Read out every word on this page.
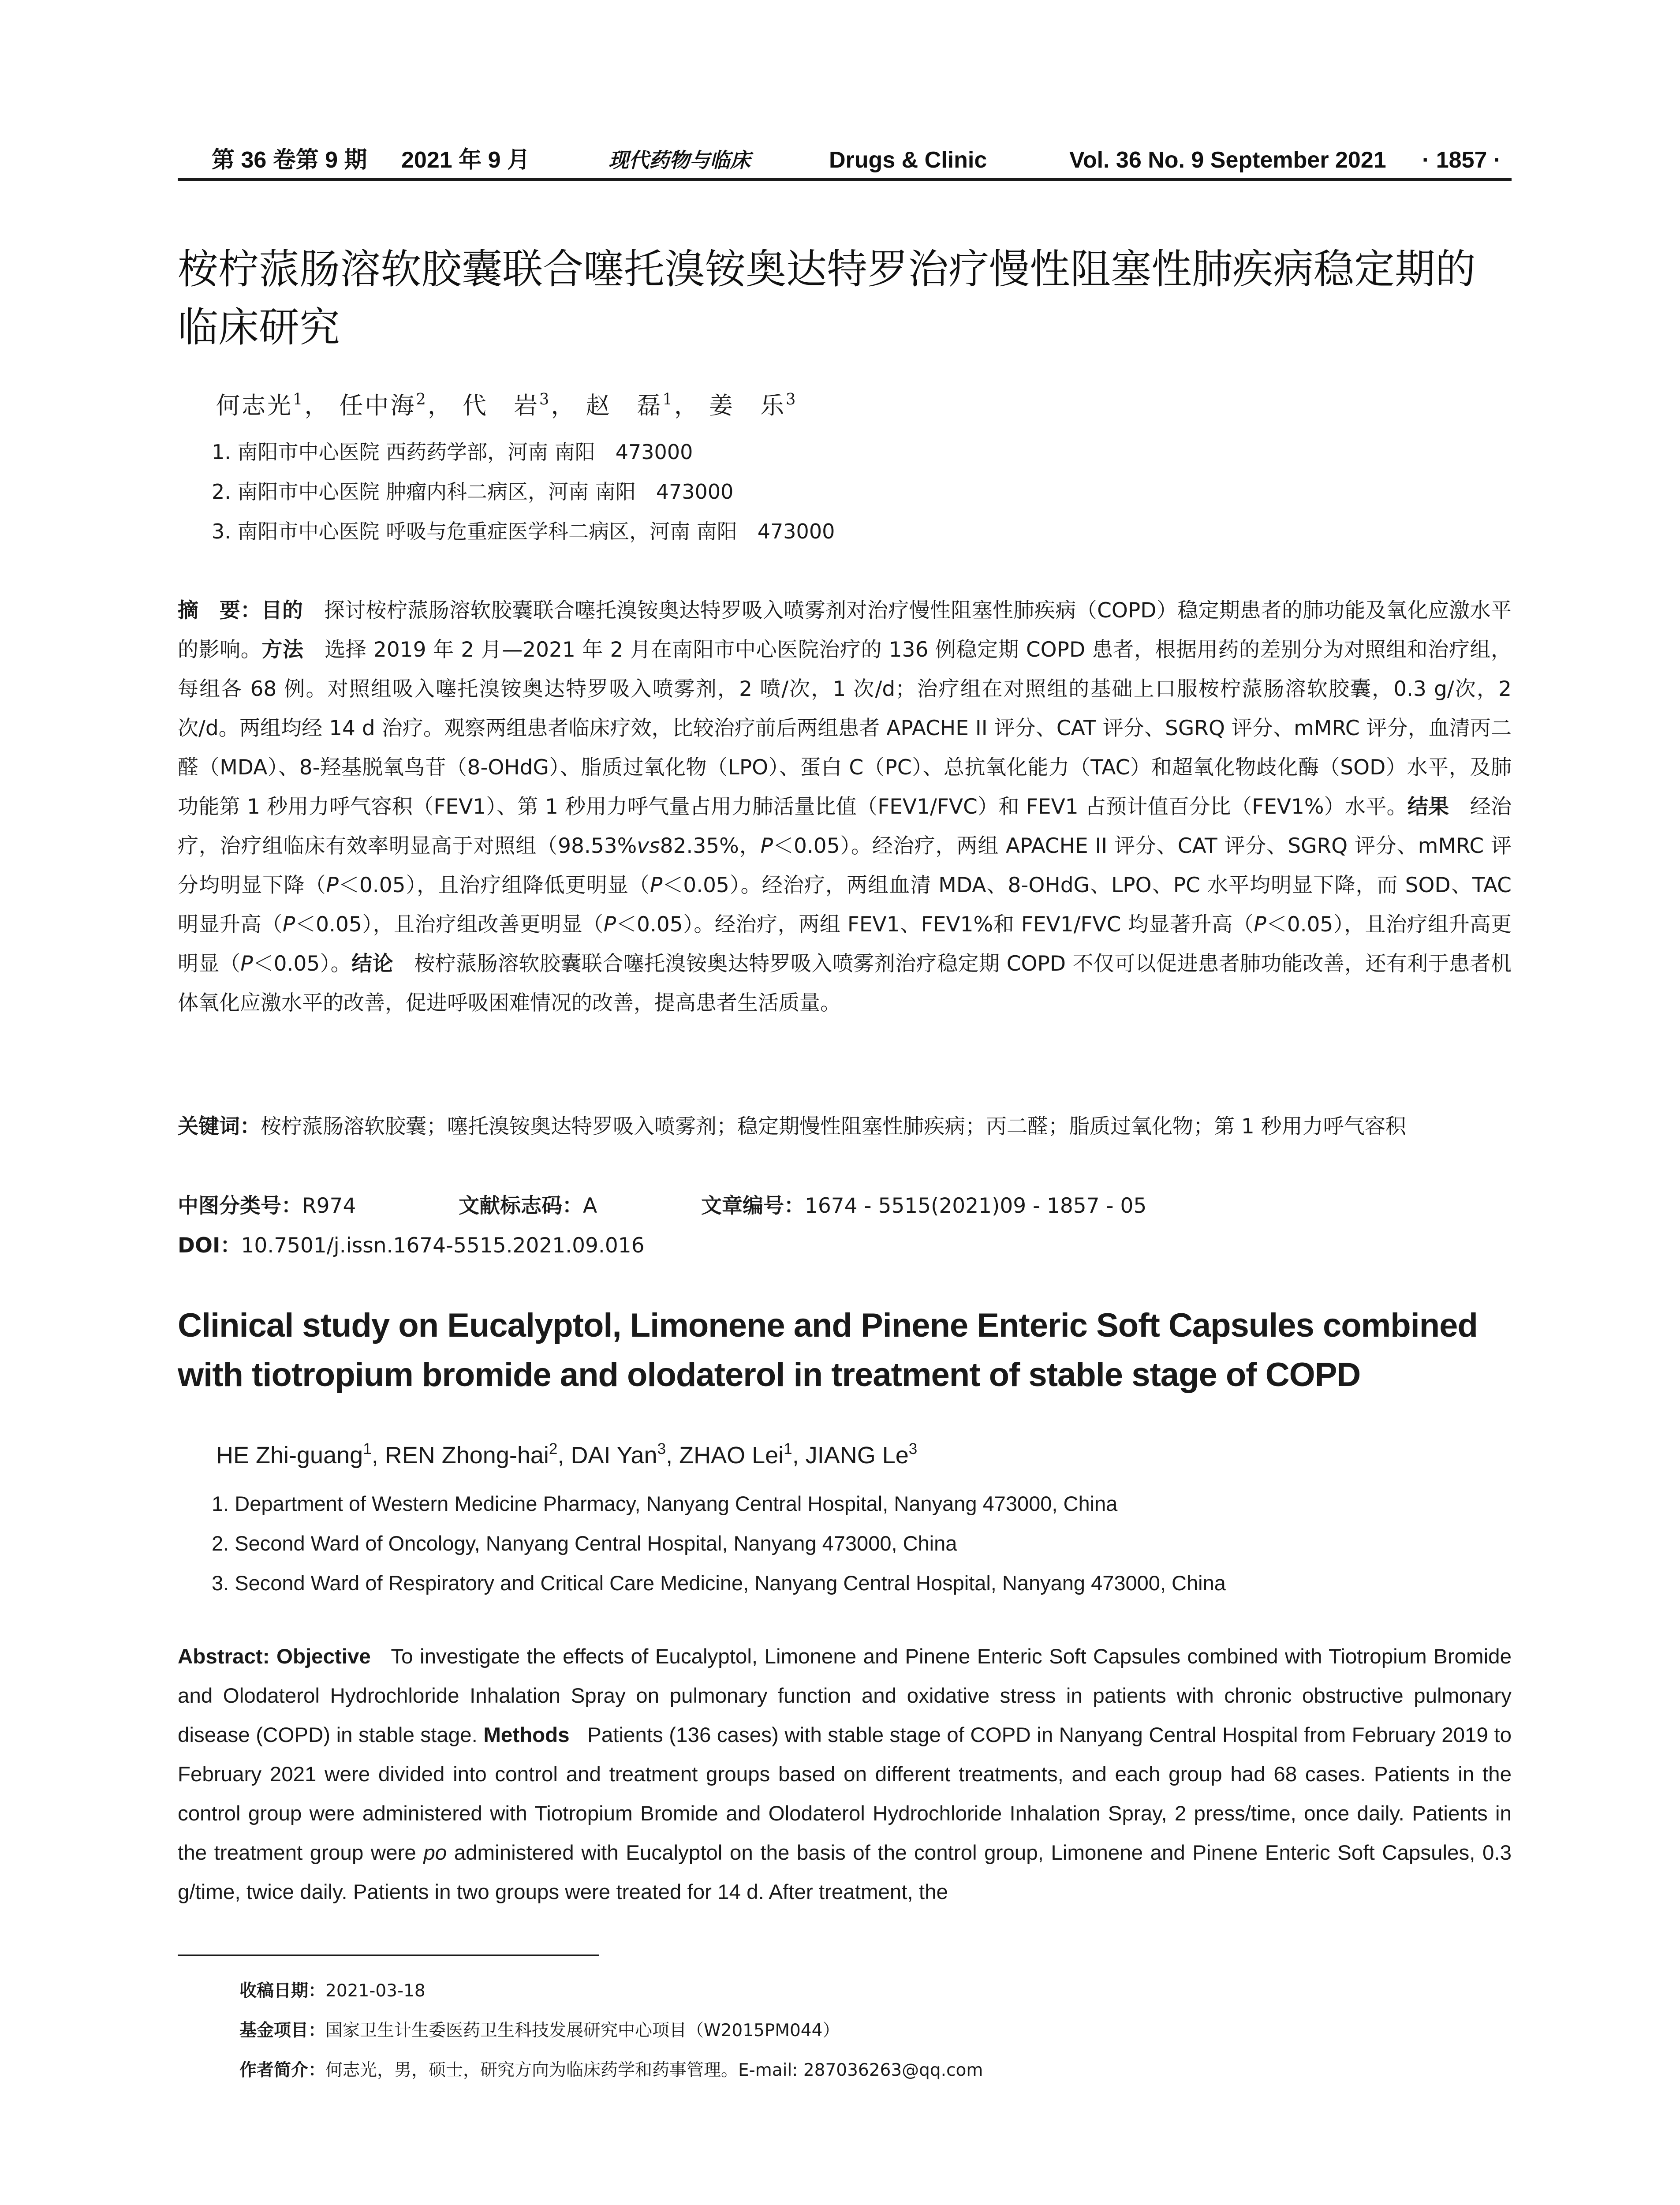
第 36 卷第 9 期 2021 年 9 月	现代药物与临床	Drugs & Clinic	Vol. 36 No. 9 September 2021 · 1857 ·
桉柠蒎肠溶软胶囊联合噻托溴铵奥达特罗治疗慢性阻塞性肺疾病稳定期的临床研究
何志光$^1$， 任中海$^2$， 代　岩$^3$， 赵　磊$^1$， 姜　乐$^3$
1. 南阳市中心医院 西药药学部，河南 南阳　473000
2. 南阳市中心医院 肿瘤内科二病区，河南 南阳　473000
3. 南阳市中心医院 呼吸与危重症医学科二病区，河南 南阳　473000
摘　要：目的　 探讨桉柠蒎肠溶软胶囊联合噻托溴铵奥达特罗吸入喷雾剂对治疗慢性阻塞性肺疾病（COPD）稳定期患者的肺功能及氧化应激水平的影响。方法　 选择 2019 年 2 月—2021 年 2 月在南阳市中心医院治疗的 136 例稳定期 COPD 患者，根据用药的差别分为对照组和治疗组，每组各 68 例。对照组吸入噻托溴铵奥达特罗吸入喷雾剂，2 喷/次，1 次/d；治疗组在对照组的基础上口服桉柠蒎肠溶软胶囊，0.3 g/次，2 次/d。两组均经 14 d 治疗。观察两组患者临床疗效，比较治疗前后两组患者 APACHE II 评分、CAT 评分、SGRQ 评分、mMRC 评分，血清丙二醛（MDA）、8-羟基脱氧鸟苷（8-OHdG）、脂质过氧化物（LPO）、蛋白 C（PC）、总抗氧化能力（TAC）和超氧化物歧化酶（SOD）水平，及肺功能第 1 秒用力呼气容积（FEV1）、第 1 秒用力呼气量占用力肺活量比值（FEV1/FVC）和 FEV1 占预计值百分比（FEV1%）水平。结果　 经治疗，治疗组临床有效率明显高于对照组（98.53%vs82.35%，P＜0.05）。经治疗，两组 APACHE II 评分、CAT 评分、SGRQ 评分、mMRC 评分均明显下降（P＜0.05），且治疗组降低更明显（P＜0.05）。经治疗，两组血清 MDA、8-OHdG、LPO、PC 水平均明显下降，而 SOD、TAC 明显升高（P＜0.05），且治疗组改善更明显（P＜0.05）。经治疗，两组 FEV1、FEV1%和 FEV1/FVC 均显著升高（P＜0.05），且治疗组升高更明显（P＜0.05）。结论　 桉柠蒎肠溶软胶囊联合噻托溴铵奥达特罗吸入喷雾剂治疗稳定期 COPD 不仅可以促进患者肺功能改善，还有利于患者机体氧化应激水平的改善，促进呼吸困难情况的改善，提高患者生活质量。
关键词：桉柠蒎肠溶软胶囊；噻托溴铵奥达特罗吸入喷雾剂；稳定期慢性阻塞性肺疾病；丙二醛；脂质过氧化物；第 1 秒用力呼气容积
中图分类号：R974	文献标志码：A	文章编号：1674 - 5515(2021)09 - 1857 - 05
DOI：10.7501/j.issn.1674-5515.2021.09.016
Clinical study on Eucalyptol, Limonene and Pinene Enteric Soft Capsules combined with tiotropium bromide and olodaterol in treatment of stable stage of COPD
HE Zhi-guang$^1$, REN Zhong-hai$^2$, DAI Yan$^3$, ZHAO Lei$^1$, JIANG Le$^3$
1. Department of Western Medicine Pharmacy, Nanyang Central Hospital, Nanyang 473000, China
2. Second Ward of Oncology, Nanyang Central Hospital, Nanyang 473000, China
3. Second Ward of Respiratory and Critical Care Medicine, Nanyang Central Hospital, Nanyang 473000, China
Abstract: Objective To investigate the effects of Eucalyptol, Limonene and Pinene Enteric Soft Capsules combined with Tiotropium Bromide and Olodaterol Hydrochloride Inhalation Spray on pulmonary function and oxidative stress in patients with chronic obstructive pulmonary disease (COPD) in stable stage. Methods Patients (136 cases) with stable stage of COPD in Nanyang Central Hospital from February 2019 to February 2021 were divided into control and treatment groups based on different treatments, and each group had 68 cases. Patients in the control group were administered with Tiotropium Bromide and Olodaterol Hydrochloride Inhalation Spray, 2 press/time, once daily. Patients in the treatment group were po administered with Eucalyptol on the basis of the control group, Limonene and Pinene Enteric Soft Capsules, 0.3 g/time, twice daily. Patients in two groups were treated for 14 d. After treatment, the
收稿日期：2021-03-18
基金项目：国家卫生计生委医药卫生科技发展研究中心项目（W2015PM044）
作者简介：何志光，男，硕士，研究方向为临床药学和药事管理。E-mail: 287036263@qq.com
